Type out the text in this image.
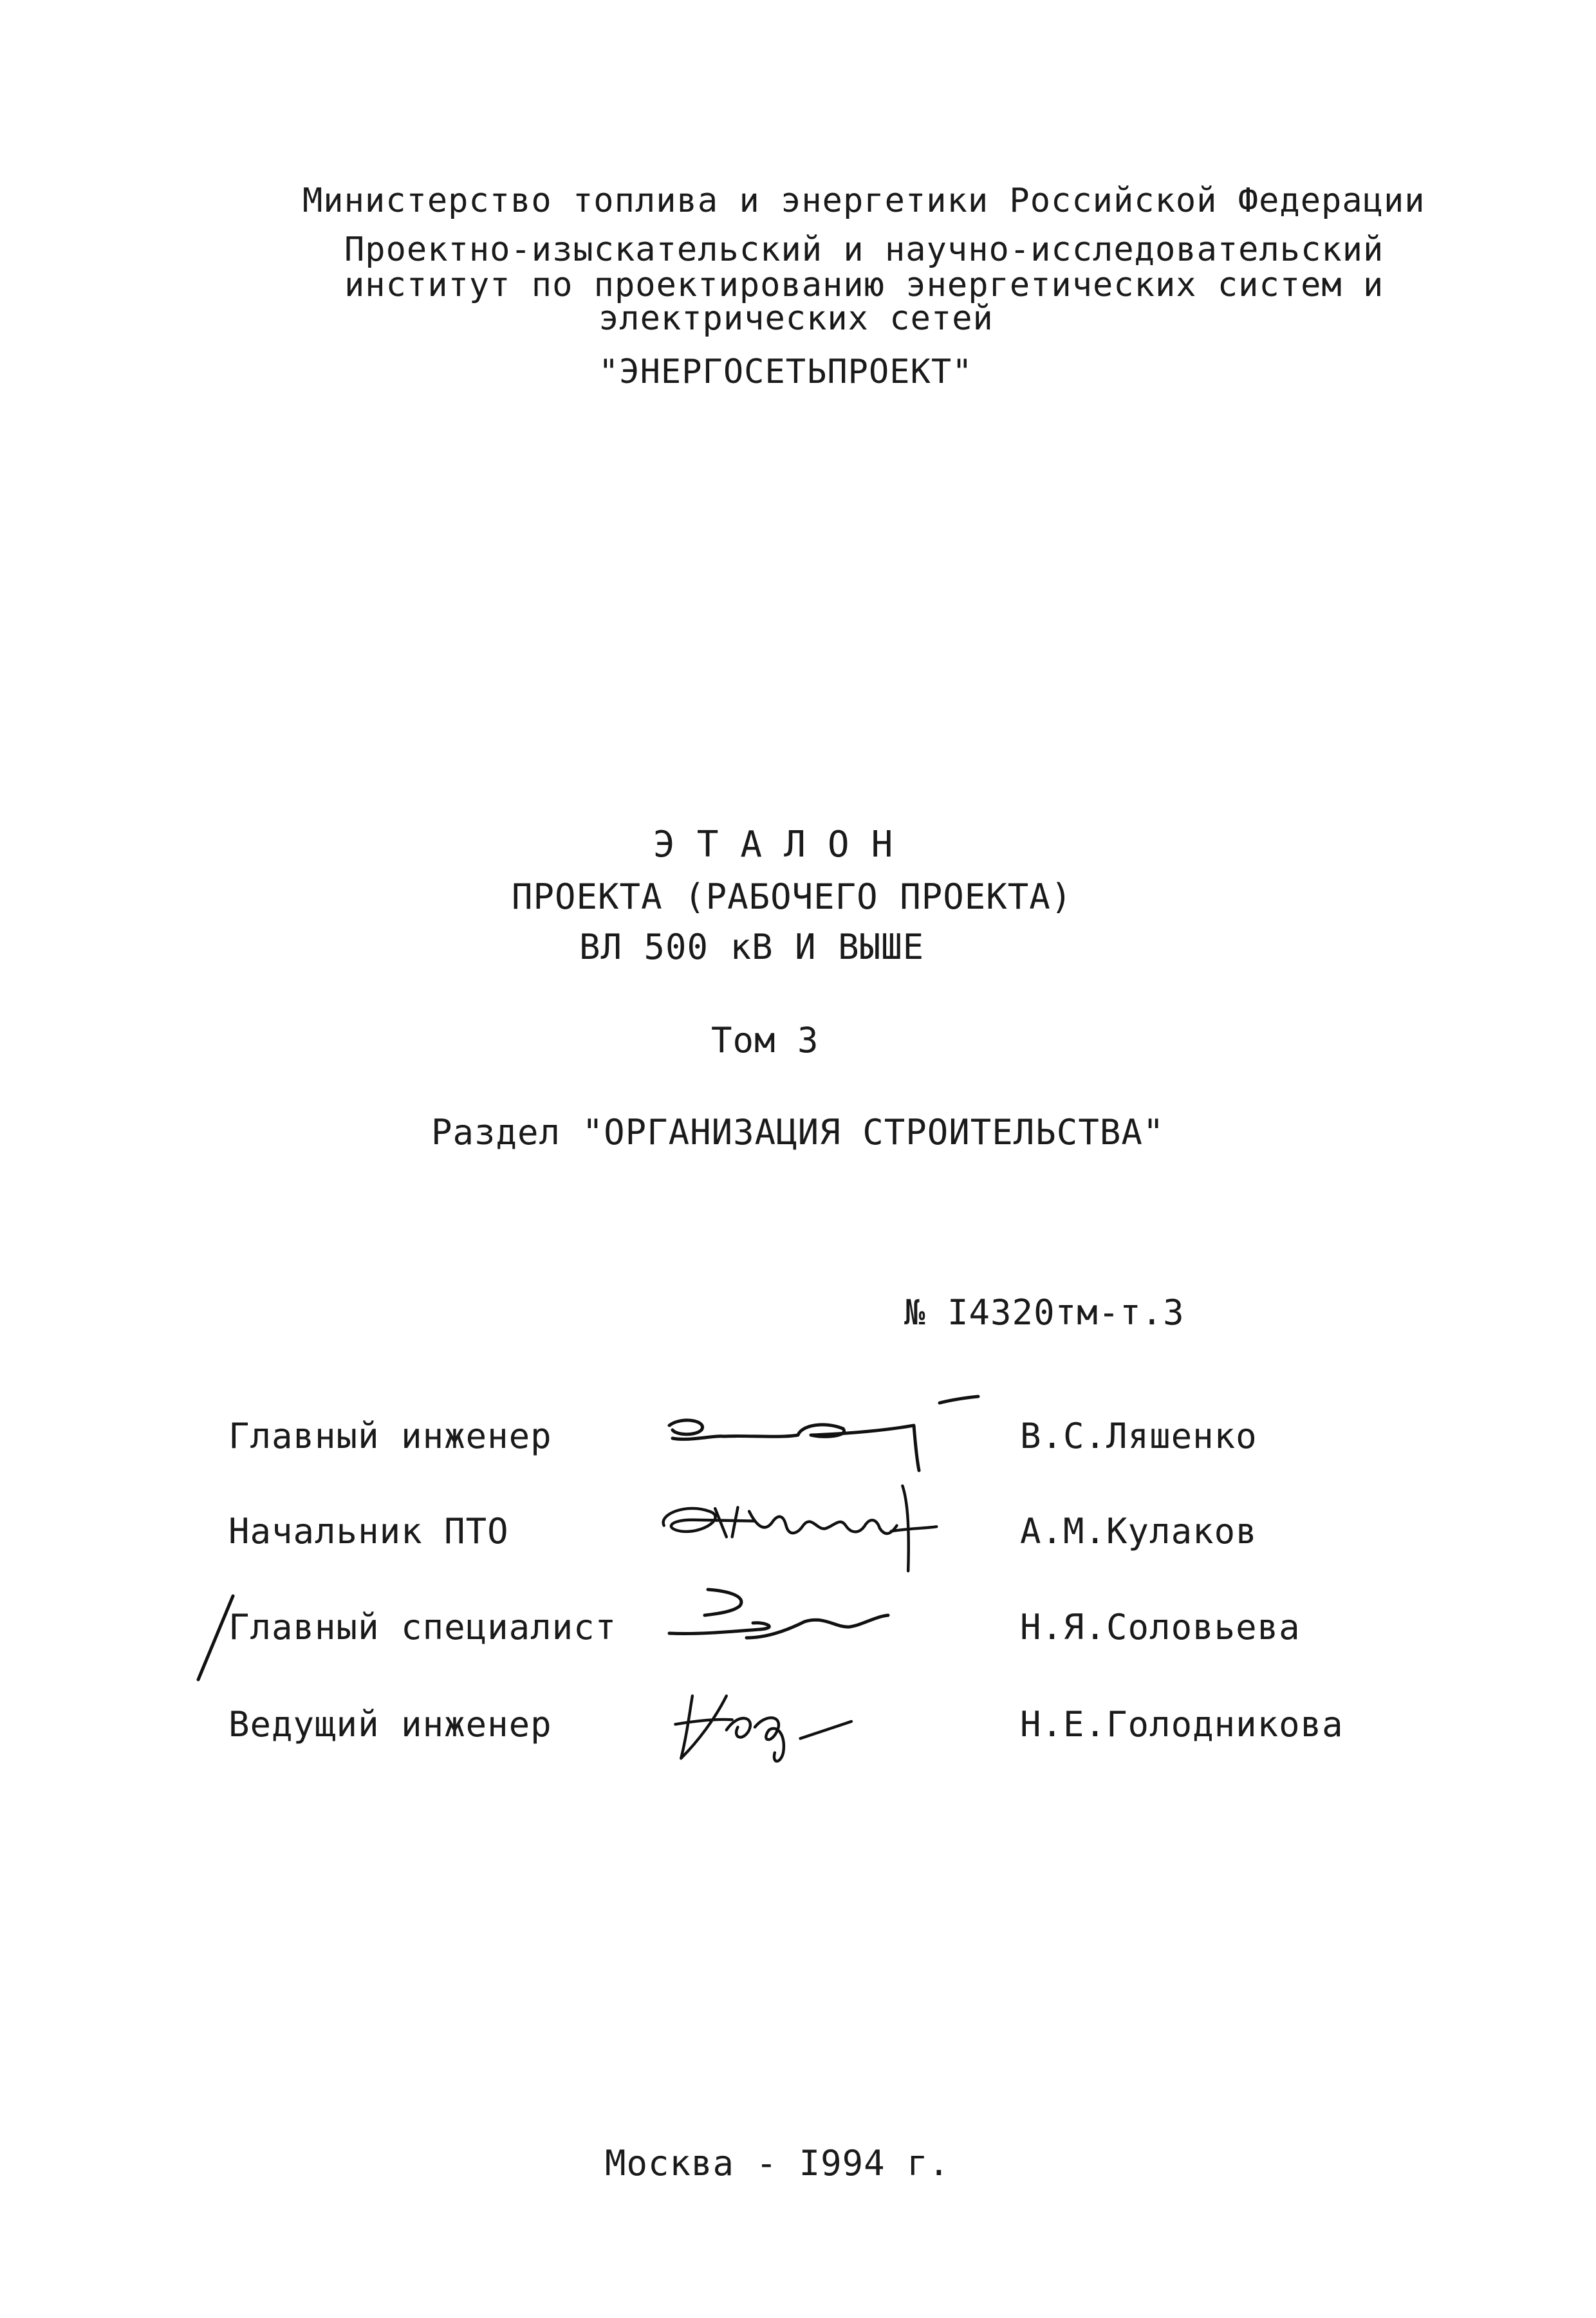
Министерство топлива и энергетики Российской Федерации
Проектно-изыскательский и научно-исследовательский
институт по проектированию энергетических систем и
электрических сетей
"ЭНЕРГОСЕТЬПРОЕКТ"
ЭТАЛОН
ПРОЕКТА (РАБОЧЕГО ПРОЕКТА)
ВЛ 500 кВ И ВЫШЕ
Том 3
Раздел "ОРГАНИЗАЦИЯ СТРОИТЕЛЬСТВА"
№ I4320тм-т.3
Главный инженер	В.С.Ляшенко
Начальник ПТО	А.М.Кулаков
Главный специалист	Н.Я.Соловьева
Ведущий инженер	Н.Е.Голодникова
Москва - I994 г.
